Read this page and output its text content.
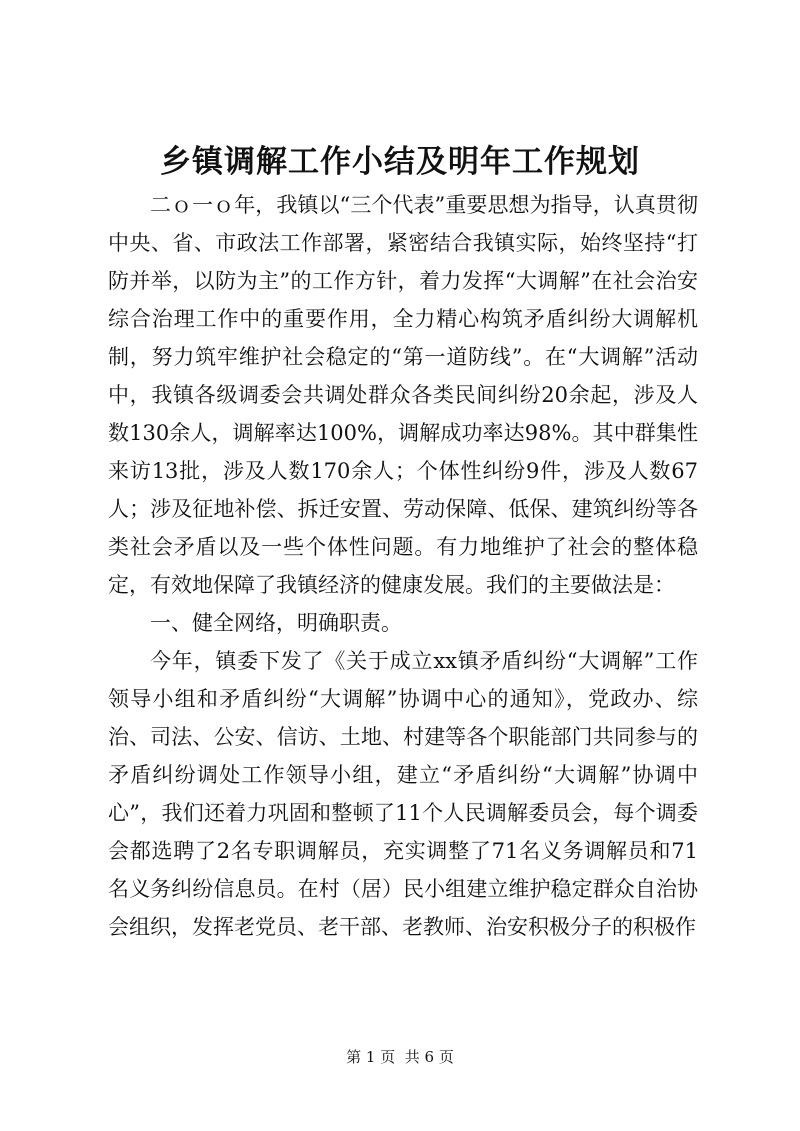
乡镇调解工作小结及明年工作规划

二ｏ一ｏ年，我镇以“三个代表”重要思想为指导，认真贯彻中央、省、市政法工作部署，紧密结合我镇实际，始终坚持“打防并举，以防为主”的工作方针，着力发挥“大调解”在社会治安综合治理工作中的重要作用，全力精心构筑矛盾纠纷大调解机制，努力筑牢维护社会稳定的“第一道防线”。在“大调解”活动中，我镇各级调委会共调处群众各类民间纠纷20余起，涉及人数130余人，调解率达100%，调解成功率达98%。其中群集性来访13批，涉及人数170余人；个体性纠纷9件，涉及人数67人；涉及征地补偿、拆迁安置、劳动保障、低保、建筑纠纷等各类社会矛盾以及一些个体性问题。有力地维护了社会的整体稳定，有效地保障了我镇经济的健康发展。我们的主要做法是：

一、健全网络，明确职责。

今年，镇委下发了《关于成立xx镇矛盾纠纷“大调解”工作领导小组和矛盾纠纷“大调解”协调中心的通知》，党政办、综治、司法、公安、信访、土地、村建等各个职能部门共同参与的矛盾纠纷调处工作领导小组，建立“矛盾纠纷“大调解”协调中心”，我们还着力巩固和整顿了11个人民调解委员会，每个调委会都选聘了2名专职调解员，充实调整了71名义务调解员和71名义务纠纷信息员。在村（居）民小组建立维护稳定群众自治协会组织，发挥老党员、老干部、老教师、治安积极分子的积极作

第 1 页  共 6 页
